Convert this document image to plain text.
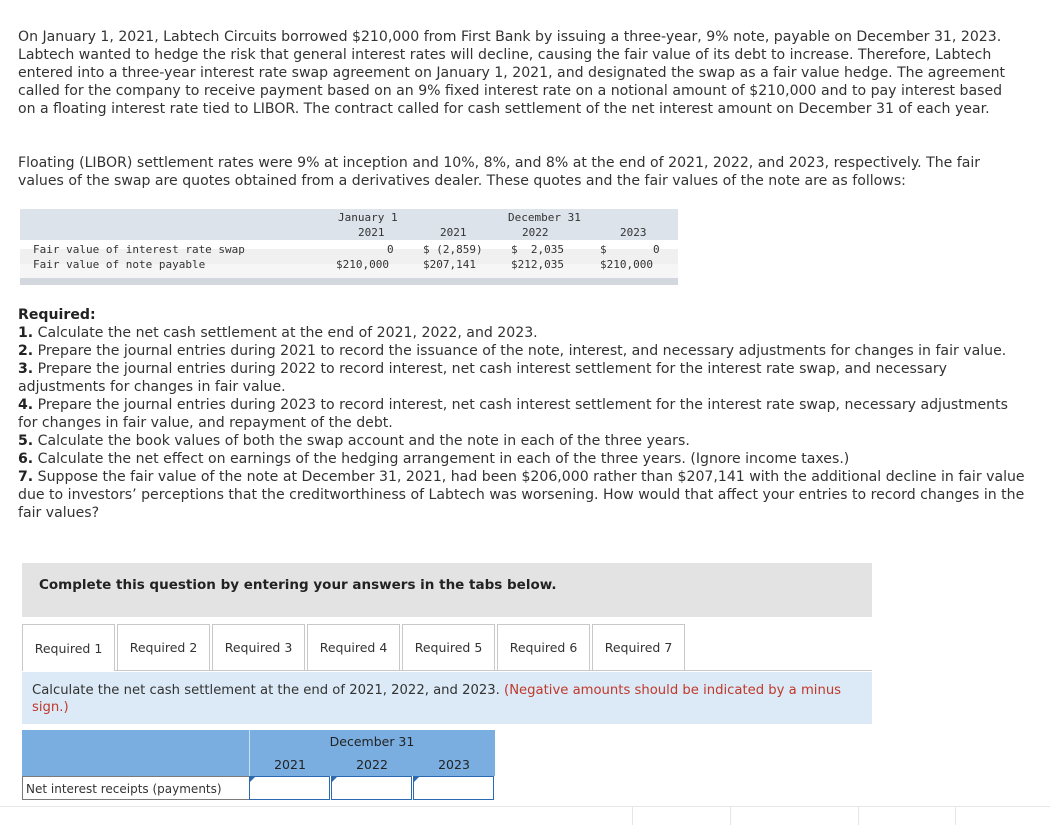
On January 1, 2021, Labtech Circuits borrowed $210,000 from First Bank by issuing a three-year, 9% note, payable on December 31, 2023. Labtech wanted to hedge the risk that general interest rates will decline, causing the fair value of its debt to increase. Therefore, Labtech entered into a three-year interest rate swap agreement on January 1, 2021, and designated the swap as a fair value hedge. The agreement called for the company to receive payment based on an 9% fixed interest rate on a notional amount of $210,000 and to pay interest based on a floating interest rate tied to LIBOR. The contract called for cash settlement of the net interest amount on December 31 of each year.

Floating (LIBOR) settlement rates were 9% at inception and 10%, 8%, and 8% at the end of 2021, 2022, and 2023, respectively. The fair values of the swap are quotes obtained from a derivatives dealer. These quotes and the fair values of the note are as follows:

January 1	December 31
2021	2021	2022	2023
Fair value of interest rate swap	0	$ (2,859)	$  2,035	$       0
Fair value of note payable	$210,000	$207,141	$212,035	$210,000

Required:

1. Calculate the net cash settlement at the end of 2021, 2022, and 2023.

2. Prepare the journal entries during 2021 to record the issuance of the note, interest, and necessary adjustments for changes in fair value.

3. Prepare the journal entries during 2022 to record interest, net cash interest settlement for the interest rate swap, and necessary adjustments for changes in fair value.

4. Prepare the journal entries during 2023 to record interest, net cash interest settlement for the interest rate swap, necessary adjustments for changes in fair value, and repayment of the debt.

5. Calculate the book values of both the swap account and the note in each of the three years.

6. Calculate the net effect on earnings of the hedging arrangement in each of the three years. (Ignore income taxes.)

7. Suppose the fair value of the note at December 31, 2021, had been $206,000 rather than $207,141 with the additional decline in fair value due to investors’ perceptions that the creditworthiness of Labtech was worsening. How would that affect your entries to record changes in the fair values?

Complete this question by entering your answers in the tabs below.
Required 1	Required 2	Required 3	Required 4	Required 5	Required 6	Required 7
Calculate the net cash settlement at the end of 2021, 2022, and 2023. (Negative amounts should be indicated by a minus sign.)
December 31
2021	2022	2023
Net interest receipts (payments)
